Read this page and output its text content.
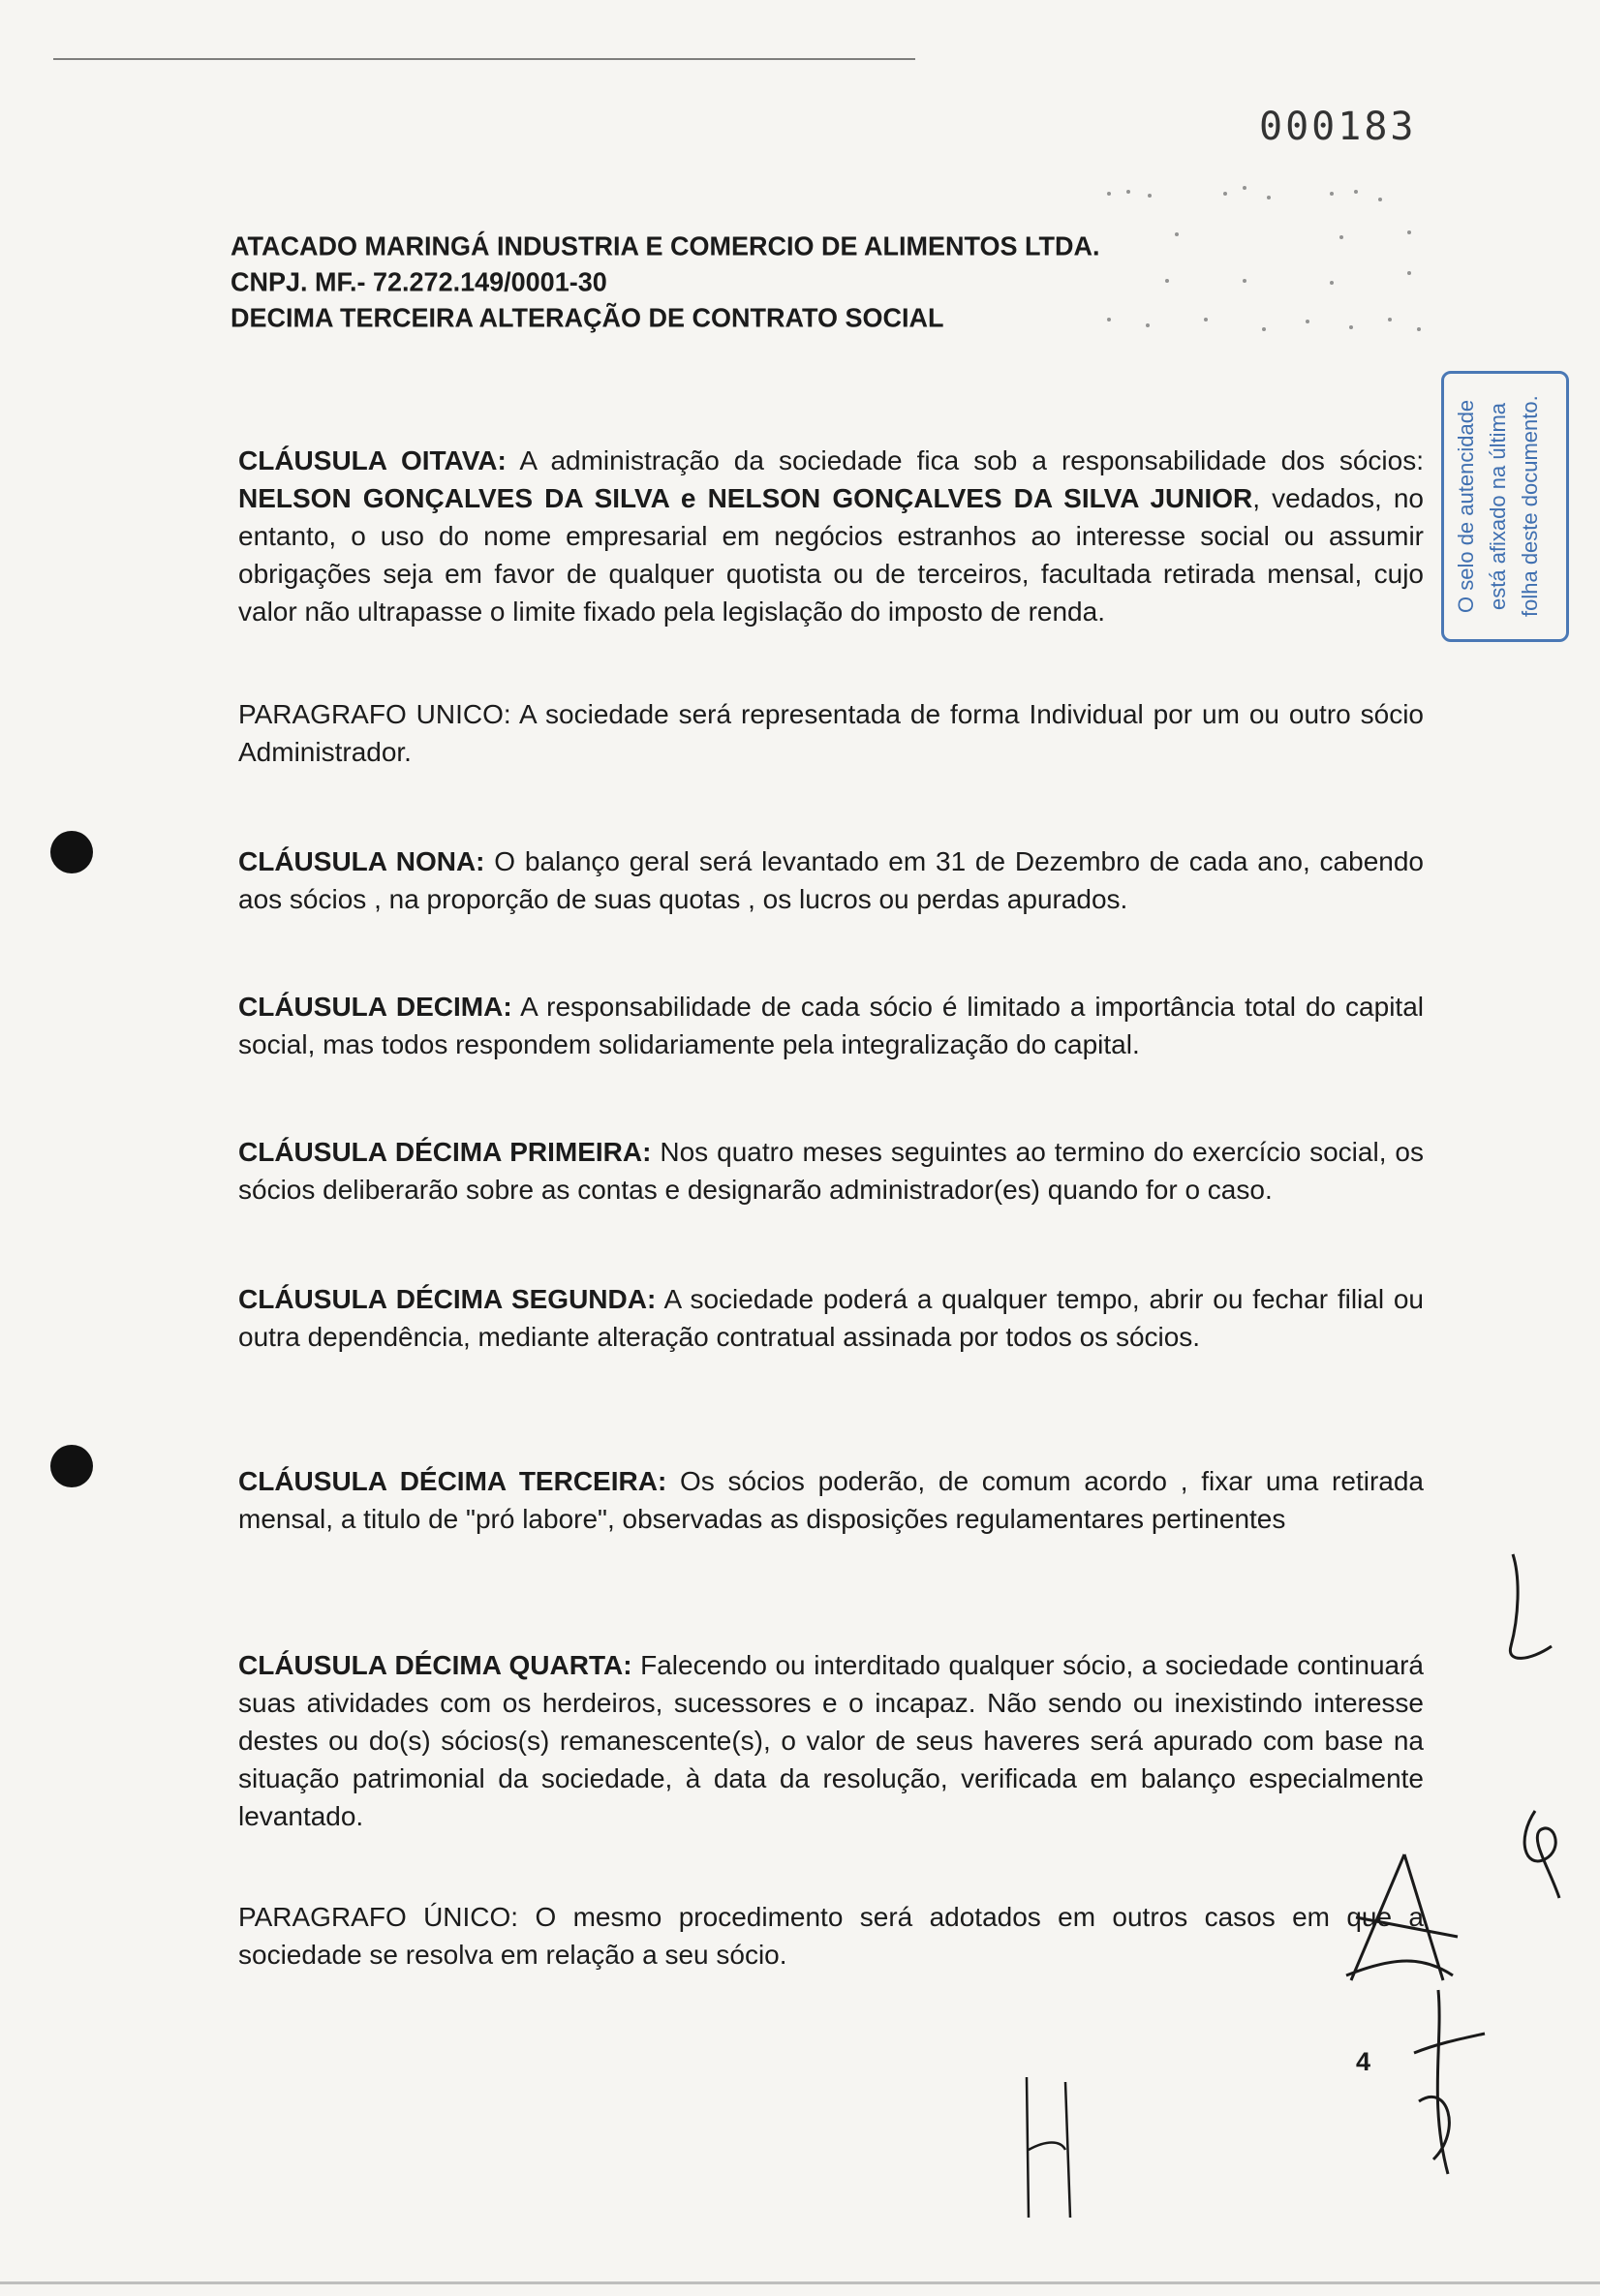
000183
ATACADO MARINGÁ INDUSTRIA E COMERCIO DE ALIMENTOS LTDA.
CNPJ. MF.- 72.272.149/0001-30
DECIMA TERCEIRA ALTERAÇÃO DE CONTRATO SOCIAL
O selo de autencidade está afixado na última folha deste documento.
CLÁUSULA OITAVA: A administração da sociedade fica sob a responsabilidade dos sócios: NELSON GONÇALVES DA SILVA e NELSON GONÇALVES DA SILVA JUNIOR, vedados, no entanto, o uso do nome empresarial em negócios estranhos ao interesse social ou assumir obrigações seja em favor de qualquer quotista ou de terceiros, facultada retirada mensal, cujo valor não ultrapasse o limite fixado pela legislação do imposto de renda.
PARAGRAFO UNICO: A sociedade será representada de forma Individual por um ou outro sócio Administrador.
CLÁUSULA NONA: O balanço geral será levantado em 31 de Dezembro de cada ano, cabendo aos sócios , na proporção de suas quotas , os lucros ou perdas apurados.
CLÁUSULA DECIMA: A responsabilidade de cada sócio é limitado a importância total do capital social, mas todos respondem solidariamente pela integralização do capital.
CLÁUSULA DÉCIMA PRIMEIRA: Nos quatro meses seguintes ao termino do exercício social, os sócios deliberarão sobre as contas e designarão administrador(es) quando for o caso.
CLÁUSULA DÉCIMA SEGUNDA: A sociedade poderá a qualquer tempo, abrir ou fechar filial ou outra dependência, mediante alteração contratual assinada por todos os sócios.
CLÁUSULA DÉCIMA TERCEIRA: Os sócios poderão, de comum acordo , fixar uma retirada mensal, a titulo de "pró labore", observadas as disposições regulamentares pertinentes
CLÁUSULA DÉCIMA QUARTA: Falecendo ou interditado qualquer sócio, a sociedade continuará suas atividades com os herdeiros, sucessores e o incapaz. Não sendo ou inexistindo interesse destes ou do(s) sócios(s) remanescente(s), o valor de seus haveres será apurado com base na situação patrimonial da sociedade, à data da resolução, verificada em balanço especialmente levantado.
PARAGRAFO ÚNICO: O mesmo procedimento será adotados em outros casos em que a sociedade se resolva em relação a seu sócio.
4
